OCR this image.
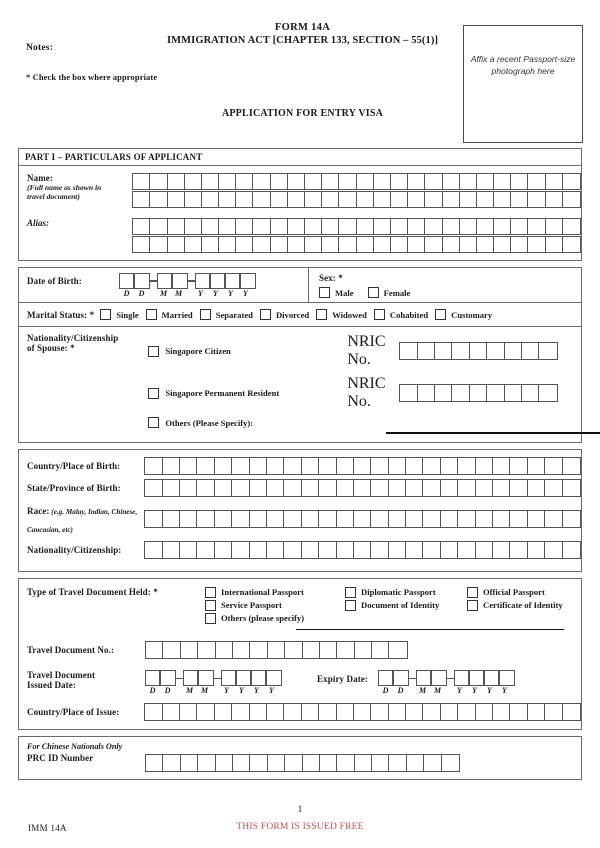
Notes:
* Check the box where appropriate
FORM 14A
IMMIGRATION ACT [CHAPTER 133, SECTION – 55(1)]
APPLICATION FOR ENTRY VISA
Affix a recent Passport-size photograph here
PART I – PARTICULARS OF APPLICANT
Name:
(Full name as shown in
travel document)
Alias:
Date of Birth:
D	D	M M	Y	Y	Y	Y
Sex: *
Male	Female
Marital Status: *	Single	Married	Separated	Divorced	Widowed	Cohabited	Customary
Nationality/Citizenship
of Spouse: *	Singapore Citizen
NRIC No.
Singapore Permanent Resident
NRIC No.
Others (Please Specify):
Country/Place of Birth:
State/Province of Birth:
Race: (e.g. Malay, Indian, Chinese, Caucasian, etc)
Nationality/Citizenship:
Type of Travel Document Held: *	International Passport
Service Passport
Others (please specify)
Diplomatic Passport
Document of Identity
Official Passport
Certificate of Identity
Travel Document No.:
Travel Document
Issued Date:
D	D	M M	Y	Y	Y	Y
Expiry Date:
D	D	M M	Y	Y	Y	Y
Country/Place of Issue:
For Chinese Nationals Only
PRC ID Number
1
IMM 14A	THIS FORM IS ISSUED FREE
